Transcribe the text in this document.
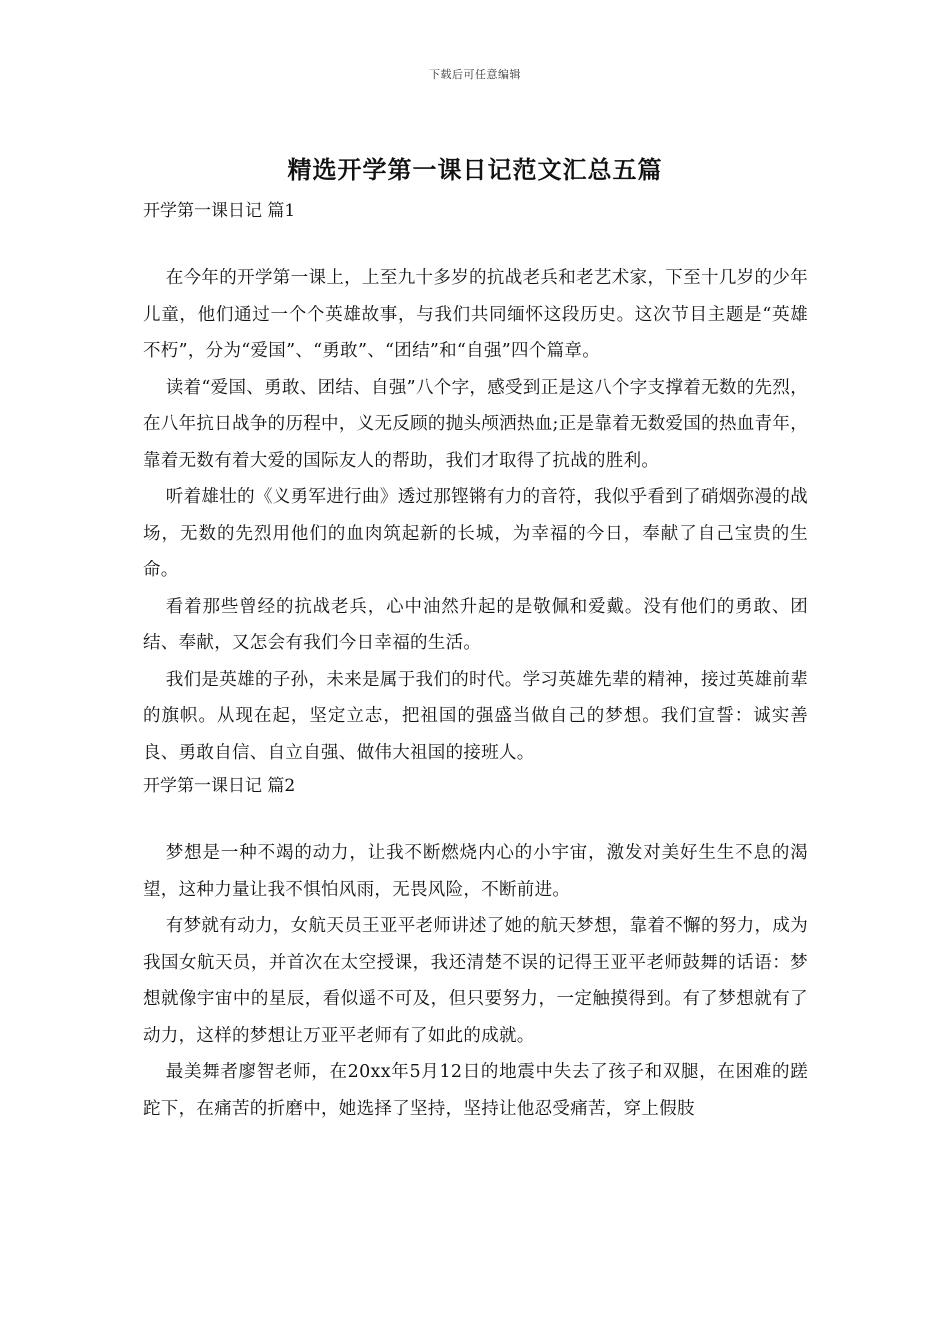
下载后可任意编辑
精选开学第一课日记范文汇总五篇

开学第一课日记 篇1

在今年的开学第一课上，上至九十多岁的抗战老兵和老艺术家，下至十几岁的少年儿童，他们通过一个个英雄故事，与我们共同缅怀这段历史。这次节目主题是“英雄不朽”，分为“爱国”、“勇敢”、“团结”和“自强”四个篇章。

读着“爱国、勇敢、团结、自强”八个字，感受到正是这八个字支撑着无数的先烈，在八年抗日战争的历程中，义无反顾的抛头颅洒热血;正是靠着无数爱国的热血青年，靠着无数有着大爱的国际友人的帮助，我们才取得了抗战的胜利。

听着雄壮的《义勇军进行曲》透过那铿锵有力的音符，我似乎看到了硝烟弥漫的战场，无数的先烈用他们的血肉筑起新的长城，为幸福的今日，奉献了自己宝贵的生命。

看着那些曾经的抗战老兵，心中油然升起的是敬佩和爱戴。没有他们的勇敢、团结、奉献，又怎会有我们今日幸福的生活。

我们是英雄的子孙，未来是属于我们的时代。学习英雄先辈的精神，接过英雄前辈的旗帜。从现在起，坚定立志，把祖国的强盛当做自己的梦想。我们宣誓：诚实善良、勇敢自信、自立自强、做伟大祖国的接班人。

开学第一课日记 篇2

梦想是一种不竭的动力，让我不断燃烧内心的小宇宙，激发对美好生生不息的渴望，这种力量让我不惧怕风雨，无畏风险，不断前进。

有梦就有动力，女航天员王亚平老师讲述了她的航天梦想，靠着不懈的努力，成为我国女航天员，并首次在太空授课，我还清楚不误的记得王亚平老师鼓舞的话语：梦想就像宇宙中的星辰，看似遥不可及，但只要努力，一定触摸得到。有了梦想就有了动力，这样的梦想让万亚平老师有了如此的成就。

最美舞者廖智老师，在20xx年5月12日的地震中失去了孩子和双腿，在困难的蹉跎下，在痛苦的折磨中，她选择了坚持，坚持让他忍受痛苦，穿上假肢
